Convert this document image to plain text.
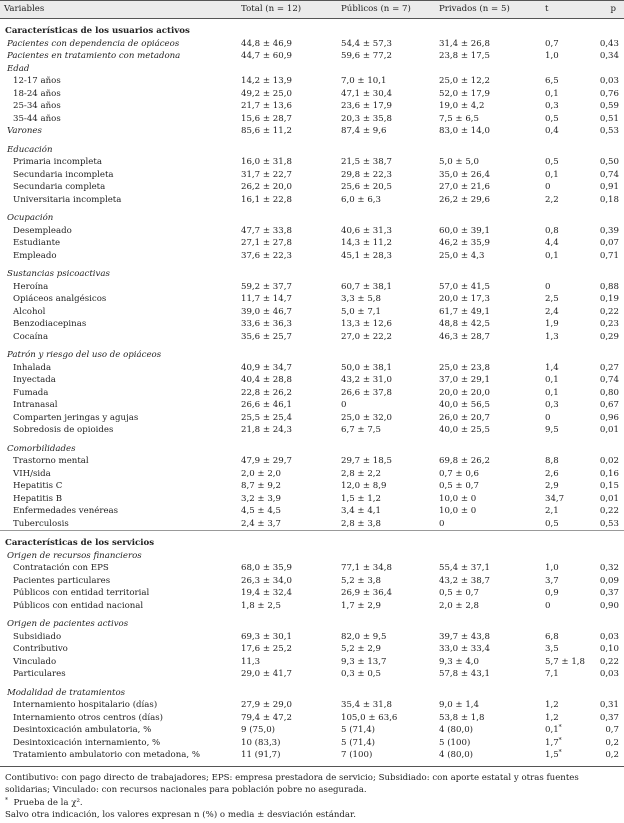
Variables	Total (n = 12)	Públicos (n = 7)	Privados (n = 5)	t	p
Características de los usuarios activos					
Pacientes con dependencia de opiáceos	44,8 ± 46,9	54,4 ± 57,3	31,4 ± 26,8	0,7	0,43
Pacientes en tratamiento con metadona	44,7 ± 60,9	59,6 ± 77,2	23,8 ± 17,5	1,0	0,34
Edad					
12-17 años	14,2 ± 13,9	7,0 ± 10,1	25,0 ± 12,2	6,5	0,03
18-24 años	49,2 ± 25,0	47,1 ± 30,4	52,0 ± 17,9	0,1	0,76
25-34 años	21,7 ± 13,6	23,6 ± 17,9	19,0 ± 4,2	0,3	0,59
35-44 años	15,6 ± 28,7	20,3 ± 35,8	7,5 ± 6,5	0,5	0,51
Varones	85,6 ± 11,2	87,4 ± 9,6	83,0 ± 14,0	0,4	0,53
Educación					
Primaria incompleta	16,0 ± 31,8	21,5 ± 38,7	5,0 ± 5,0	0,5	0,50
Secundaria incompleta	31,7 ± 22,7	29,8 ± 22,3	35,0 ± 26,4	0,1	0,74
Secundaria completa	26,2 ± 20,0	25,6 ± 20,5	27,0 ± 21,6	0	0,91
Universitaria incompleta	16,1 ± 22,8	6,0 ± 6,3	26,2 ± 29,6	2,2	0,18
Ocupación					
Desempleado	47,7 ± 33,8	40,6 ± 31,3	60,0 ± 39,1	0,8	0,39
Estudiante	27,1 ± 27,8	14,3 ± 11,2	46,2 ± 35,9	4,4	0,07
Empleado	37,6 ± 22,3	45,1 ± 28,3	25,0 ± 4,3	0,1	0,71
Sustancias psicoactivas					
Heroína	59,2 ± 37,7	60,7 ± 38,1	57,0 ± 41,5	0	0,88
Opiáceos analgésicos	11,7 ± 14,7	3,3 ± 5,8	20,0 ± 17,3	2,5	0,19
Alcohol	39,0 ± 46,7	5,0 ± 7,1	61,7 ± 49,1	2,4	0,22
Benzodiacepinas	33,6 ± 36,3	13,3 ± 12,6	48,8 ± 42,5	1,9	0,23
Cocaína	35,6 ± 25,7	27,0 ± 22,2	46,3 ± 28,7	1,3	0,29
Patrón y riesgo del uso de opiáceos					
Inhalada	40,9 ± 34,7	50,0 ± 38,1	25,0 ± 23,8	1,4	0,27
Inyectada	40,4 ± 28,8	43,2 ± 31,0	37,0 ± 29,1	0,1	0,74
Fumada	22,8 ± 26,2	26,6 ± 37,8	20,0 ± 20,0	0,1	0,80
Intranasal	26,6 ± 46,1	0	40,0 ± 56,5	0,3	0,67
Comparten jeringas y agujas	25,5 ± 25,4	25,0 ± 32,0	26,0 ± 20,7	0	0,96
Sobredosis de opioides	21,8 ± 24,3	6,7 ± 7,5	40,0 ± 25,5	9,5	0,01
Comorbilidades					
Trastorno mental	47,9 ± 29,7	29,7 ± 18,5	69,8 ± 26,2	8,8	0,02
VIH/sida	2,0 ± 2,0	2,8 ± 2,2	0,7 ± 0,6	2,6	0,16
Hepatitis C	8,7 ± 9,2	12,0 ± 8,9	0,5 ± 0,7	2,9	0,15
Hepatitis B	3,2 ± 3,9	1,5 ± 1,2	10,0 ± 0	34,7	0,01
Enfermedades venéreas	4,5 ± 4,5	3,4 ± 4,1	10,0 ± 0	2,1	0,22
Tuberculosis	2,4 ± 3,7	2,8 ± 3,8	0	0,5	0,53
Características de los servicios					
Origen de recursos financieros					
Contratación con EPS	68,0 ± 35,9	77,1 ± 34,8	55,4 ± 37,1	1,0	0,32
Pacientes particulares	26,3 ± 34,0	5,2 ± 3,8	43,2 ± 38,7	3,7	0,09
Públicos con entidad territorial	19,4 ± 32,4	26,9 ± 36,4	0,5 ± 0,7	0,9	0,37
Públicos con entidad nacional	1,8 ± 2,5	1,7 ± 2,9	2,0 ± 2,8	0	0,90
Origen de pacientes activos					
Subsidiado	69,3 ± 30,1	82,0 ± 9,5	39,7 ± 43,8	6,8	0,03
Contributivo	17,6 ± 25,2	5,2 ± 2,9	33,0 ± 33,4	3,5	0,10
Vinculado	11,3	9,3 ± 13,7	9,3 ± 4,0	5,7 ± 1,8	0,22
Particulares	29,0 ± 41,7	0,3 ± 0,5	57,8 ± 43,1	7,1	0,03
Modalidad de tratamientos					
Internamiento hospitalario (días)	27,9 ± 29,0	35,4 ± 31,8	9,0 ± 1,4	1,2	0,31
Internamiento otros centros (días)	79,4 ± 47,2	105,0 ± 63,6	53,8 ± 1,8	1,2	0,37
Desintoxicación ambulatoria, %	9 (75,0)	5 (71,4)	4 (80,0)	0,1*	0,7
Desintoxicación internamiento, %	10 (83,3)	5 (71,4)	5 (100)	1,7*	0,2
Tratamiento ambulatorio con metadona, %	11 (91,7)	7 (100)	4 (80,0)	1,5*	0,2

Contibutivo: con pago directo de trabajadores; EPS: empresa prestadora de servicio; Subsidiado: con aporte estatal y otras fuentes solidarias; Vinculado: con recursos nacionales para población pobre no asegurada.

* Prueba de la χ².

Salvo otra indicación, los valores expresan n (%) o media ± desviación estándar.
